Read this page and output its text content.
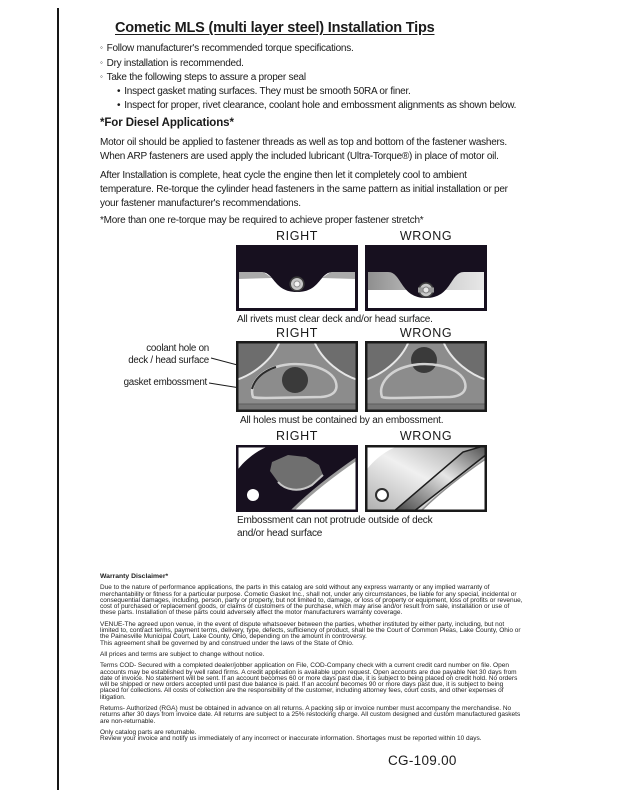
Cometic MLS (multi layer steel) Installation Tips
◦ Follow manufacturer's recommended torque specifications.
◦ Dry installation is recommended.
◦ Take the following steps to assure a proper seal
• Inspect gasket mating surfaces. They must be smooth 50RA or finer.
• Inspect for proper, rivet clearance, coolant hole and embossment alignments as shown below.
*For Diesel Applications*

Motor oil should be applied to fastener threads as well as top and bottom of the fastener washers. When ARP fasteners are used apply the included lubricant (Ultra-Torque®) in place of motor oil.

After Installation is complete, heat cycle the engine then let it completely cool to ambient temperature. Re-torque the cylinder head fasteners in the same pattern as initial installation or per your fastener manufacturer's recommendations.

*More than one re-torque may be required to achieve proper fastener stretch*

RIGHT	WRONG

All rivets must clear deck and/or head surface.

RIGHT	WRONG
coolant hole on
deck / head surface
gasket embossment

All holes must be contained by an embossment.

RIGHT	WRONG

Embossment can not protrude outside of deck
and/or head surface

Warranty Disclaimer*

Due to the nature of performance applications, the parts in this catalog are sold without any express warranty or any implied warranty of merchantability or fitness for a particular purpose. Cometic Gasket Inc., shall not, under any circumstances, be liable for any special, incidental or consequential damages, including, person, party or property, but not limited to, damage, or loss of property or equipment, loss of profits or revenue, cost of purchased or replacement goods, or claims of customers of the purchase, which may arise and/or result from sale, installation or use of these parts. Installation of these parts could adversely affect the motor manufacturers warranty coverage.

VENUE-The agreed upon venue, in the event of dispute whatsoever between the parties, whether instituted by either party, including, but not limited to, contract terms, payment terms, delivery, type, defects, sufficiency of product, shall be the Court of Common Pleas, Lake County, Ohio or the Painesville Municipal Court, Lake County, Ohio, depending on the amount in controversy.

This agreement shall be governed by and construed under the laws of the State of Ohio.

All prices and terms are subject to change without notice.

Terms COD- Secured with a completed dealer/jobber application on File, COD-Company check with a current credit card number on file. Open accounts may be established by well rated firms. A credit application is available upon request. Open accounts are due payable Net 30 days from date of invoice. No statement will be sent. If an account becomes 60 or more days past due, it is subject to being placed on credit hold. No orders will be shipped or new orders accepted until past due balance is paid. If an account becomes 90 or more days past due, it is subject to being placed for collections. All costs of collection are the responsibility of the customer, including attorney fees, court costs, and other expenses of litigation.

Returns- Authorized (RGA) must be obtained in advance on all returns. A packing slip or invoice number must accompany the merchandise. No returns after 30 days from invoice date. All returns are subject to a 25% restocking charge. All custom designed and custom manufactured gaskets are non-returnable.

Only catalog parts are returnable.

Review your invoice and notify us immediately of any incorrect or inaccurate information. Shortages must be reported within 10 days.

CG-109.00
